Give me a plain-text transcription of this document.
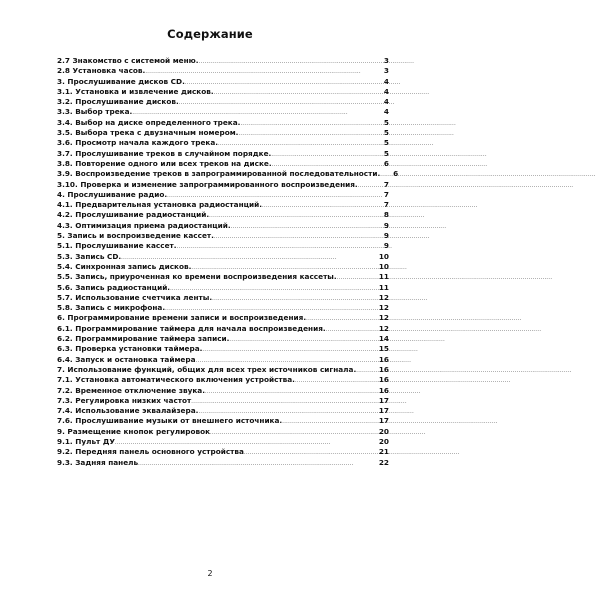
Содержание
2.7 Знакомство с системой меню. . . .	3
2.8 Установка часов. . . .	3
3. Прослушивание дисков CD. . . .	4
3.1. Установка и извлечение дисков. . . .	4
3.2. Прослушивание дисков. . . .	4
3.3. Выбор трека. . . .	4
3.4. Выбор на диске определенного трека. . . .	5
3.5. Выбора трека с двузначным номером. . . .	5
3.6. Просмотр начала каждого трека. . . .	5
3.7. Прослушивание треков в случайном порядке. . . .	5
3.8. Повторение одного или всех треков на диске. . . .	6
3.9. Воспроизведение треков в запрограммированной последовательности. . . .	6
3.10. Проверка и изменение запрограммированного воспроизведения. . . .	7
4. Прослушивание радио. . . .	7
4.1. Предварительная установка радиостанций. . . .	7
4.2. Прослушивание радиостанций. . . .	8
4.3. Оптимизация приема радиостанций. . . .	9
5. Запись и воспроизведение кассет. . . .	9
5.1. Прослушивание кассет. . . .	9
5.3. Запись CD. . . .	10
5.4. Синхронная запись дисков. . . .	10
5.5. Запись, приуроченная ко времени воспроизведения кассеты. . . .	11
5.6. Запись радиостанций. . . .	11
5.7. Использование счетчика ленты. . . .	12
5.8. Запись с микрофона. . . .	12
6. Программирование времени записи и воспроизведения. . . .	12
6.1. Программирование таймера для начала воспроизведения. . . .	12
6.2. Программирование таймера записи. . . .	14
6.3. Проверка установки таймера. . . .	15
6.4. Запуск и остановка таймера . . .	16
7. Использование функций, общих для всех трех источников сигнала. . . .	16
7.1. Установка автоматического включения устройства. . . .	16
7.2. Временное отключение звука. . . .	16
7.3. Регулировка низких частот . . .	17
7.4. Использование эквалайзера. . . .	17
7.6. Прослушивание музыки от внешнего источника. . . .	17
9. Размещение кнопок регулировок . . .	20
9.1. Пульт ДУ . . .	20
9.2. Передняя панель основного устройства . . .	21
9.3. Задняя панель . . .	22
2
